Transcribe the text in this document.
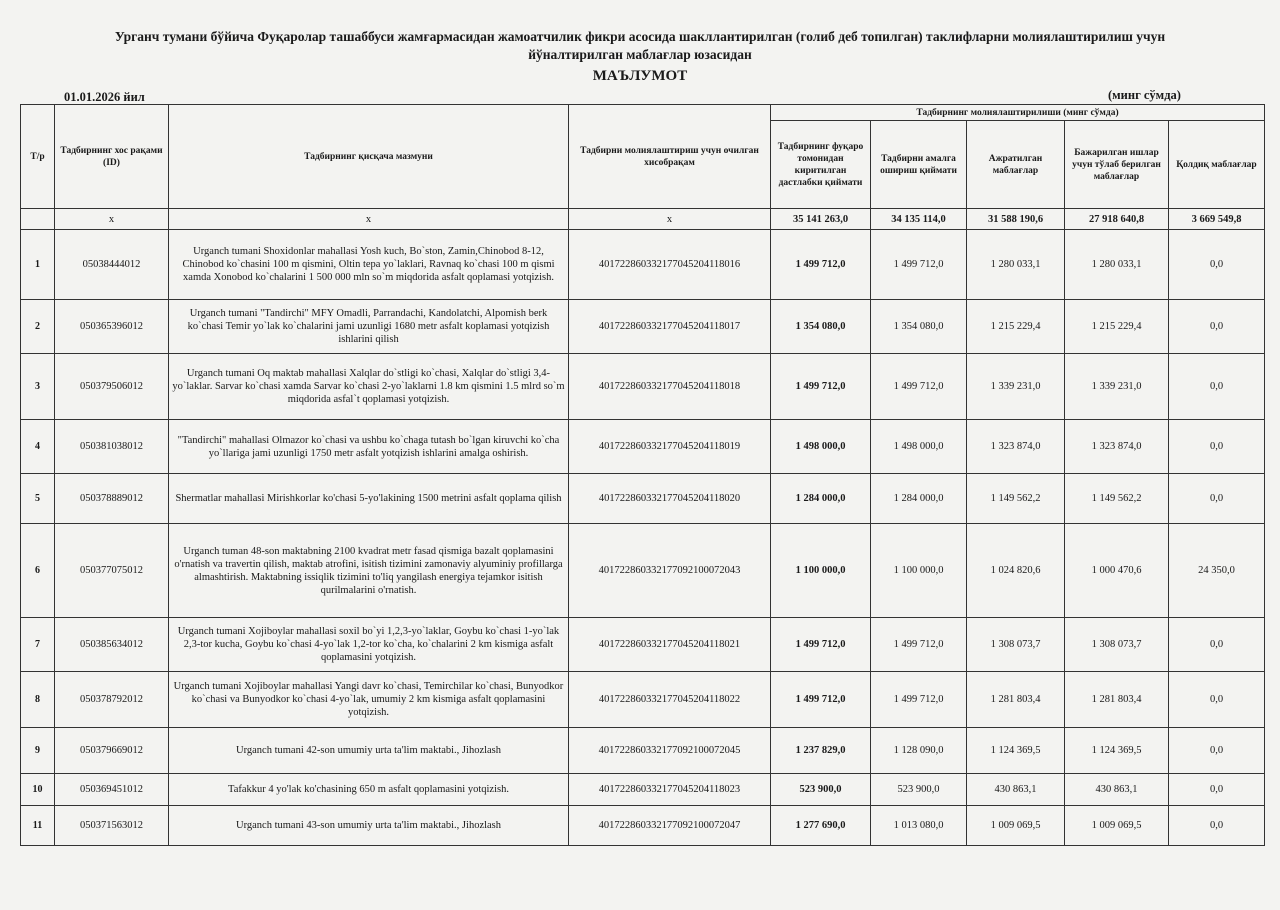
Урганч тумани бўйича Фуқаролар ташаббуси жамғармасидан жамоатчилик фикри асосида шакллантирилган (голиб деб топилган) таклифларни молиялаштирилиш учун
йўналтирилган маблағлар юзасидан
МАЪЛУМОТ
01.01.2026 йил	(минг сўмда)
Т/р	Тадбирнинг хос рақами (ID)	Тадбирнинг қисқача мазмуни	Тадбирни молиялаштириш учун очилган хисобрақам	Тадбирнинг молиялаштирилиши (минг сўмда)				
				Тадбирнинг фуқаро томонидан киритилган дастлабки қиймати	Тадбирни амалга ошириш қиймати	Ажратилган маблағлар	Бажарилган ишлар учун тўлаб берилган маблағлар	Қолдиқ маблағлар
	x	x	x	35 141 263,0	34 135 114,0	31 588 190,6	27 918 640,8	3 669 549,8
1	05038444012	Urganch tumani Shoxidonlar mahallasi Yosh kuch, Bo`ston, Zamin,Chinobod 8-12, Chinobod ko`chasini 100 m qismini, Oltin tepa yo`laklari, Ravnaq ko`chasi 100 m qismi xamda Xonobod ko`chalarini 1 500 000 mln so`m miqdorida asfalt qoplamasi yotqizish.	401722860332177045204118016	1 499 712,0	1 499 712,0	1 280 033,1	1 280 033,1	0,0
2	050365396012	Urganch tumani "Tandirchi" MFY Omadli, Parrandachi, Kandolatchi, Alpomish berk ko`chasi Temir yo`lak ko`chalarini jami uzunligi 1680 metr asfalt koplamasi yotqizish ishlarini qilish	401722860332177045204118017	1 354 080,0	1 354 080,0	1 215 229,4	1 215 229,4	0,0
3	050379506012	Urganch tumani Oq maktab mahallasi Xalqlar do`stligi ko`chasi, Xalqlar do`stligi 3,4-yo`laklar. Sarvar ko`chasi xamda Sarvar ko`chasi 2-yo`laklarni 1.8 km qismini 1.5 mlrd so`m miqdorida asfal`t qoplamasi yotqizish.	401722860332177045204118018	1 499 712,0	1 499 712,0	1 339 231,0	1 339 231,0	0,0
4	050381038012	"Tandirchi" mahallasi Olmazor ko`chasi va ushbu ko`chaga tutash bo`lgan kiruvchi ko`cha yo`llariga jami uzunligi 1750 metr asfalt yotqizish ishlarini amalga oshirish.	401722860332177045204118019	1 498 000,0	1 498 000,0	1 323 874,0	1 323 874,0	0,0
5	050378889012	Shermatlar mahallasi Mirishkorlar ko'chasi 5-yo'lakining 1500 metrini asfalt qoplama qilish	401722860332177045204118020	1 284 000,0	1 284 000,0	1 149 562,2	1 149 562,2	0,0
6	050377075012	Urganch tuman 48-son maktabning 2100 kvadrat metr fasad qismiga bazalt qoplamasini o'rnatish va travertin qilish, maktab atrofini, isitish tizimini zamonaviy alyuminiy profillarga almashtirish. Maktabning issiqlik tizimini to'liq yangilash energiya tejamkor isitish qurilmalarini o'rnatish.	401722860332177092100072043	1 100 000,0	1 100 000,0	1 024 820,6	1 000 470,6	24 350,0
7	050385634012	Urganch tumani Xojiboylar mahallasi soxil bo`yi 1,2,3-yo`laklar, Goybu ko`chasi 1-yo`lak 2,3-tor kucha, Goybu ko`chasi 4-yo`lak 1,2-tor ko`cha, ko`chalarini 2 km kismiga asfalt qoplamasini yotqizish.	401722860332177045204118021	1 499 712,0	1 499 712,0	1 308 073,7	1 308 073,7	0,0
8	050378792012	Urganch tumani Xojiboylar mahallasi Yangi davr ko`chasi, Temirchilar ko`chasi, Bunyodkor ko`chasi va Bunyodkor ko`chasi 4-yo`lak, umumiy 2 km kismiga asfalt qoplamasini yotqizish.	401722860332177045204118022	1 499 712,0	1 499 712,0	1 281 803,4	1 281 803,4	0,0
9	050379669012	Urganch tumani 42-son umumiy urta ta'lim maktabi., Jihozlash	401722860332177092100072045	1 237 829,0	1 128 090,0	1 124 369,5	1 124 369,5	0,0
10	050369451012	Tafakkur 4 yo'lak ko'chasining 650 m asfalt qoplamasini yotqizish.	401722860332177045204118023	523 900,0	523 900,0	430 863,1	430 863,1	0,0
11	050371563012	Urganch tumani 43-son umumiy urta ta'lim maktabi., Jihozlash	401722860332177092100072047	1 277 690,0	1 013 080,0	1 009 069,5	1 009 069,5	0,0
